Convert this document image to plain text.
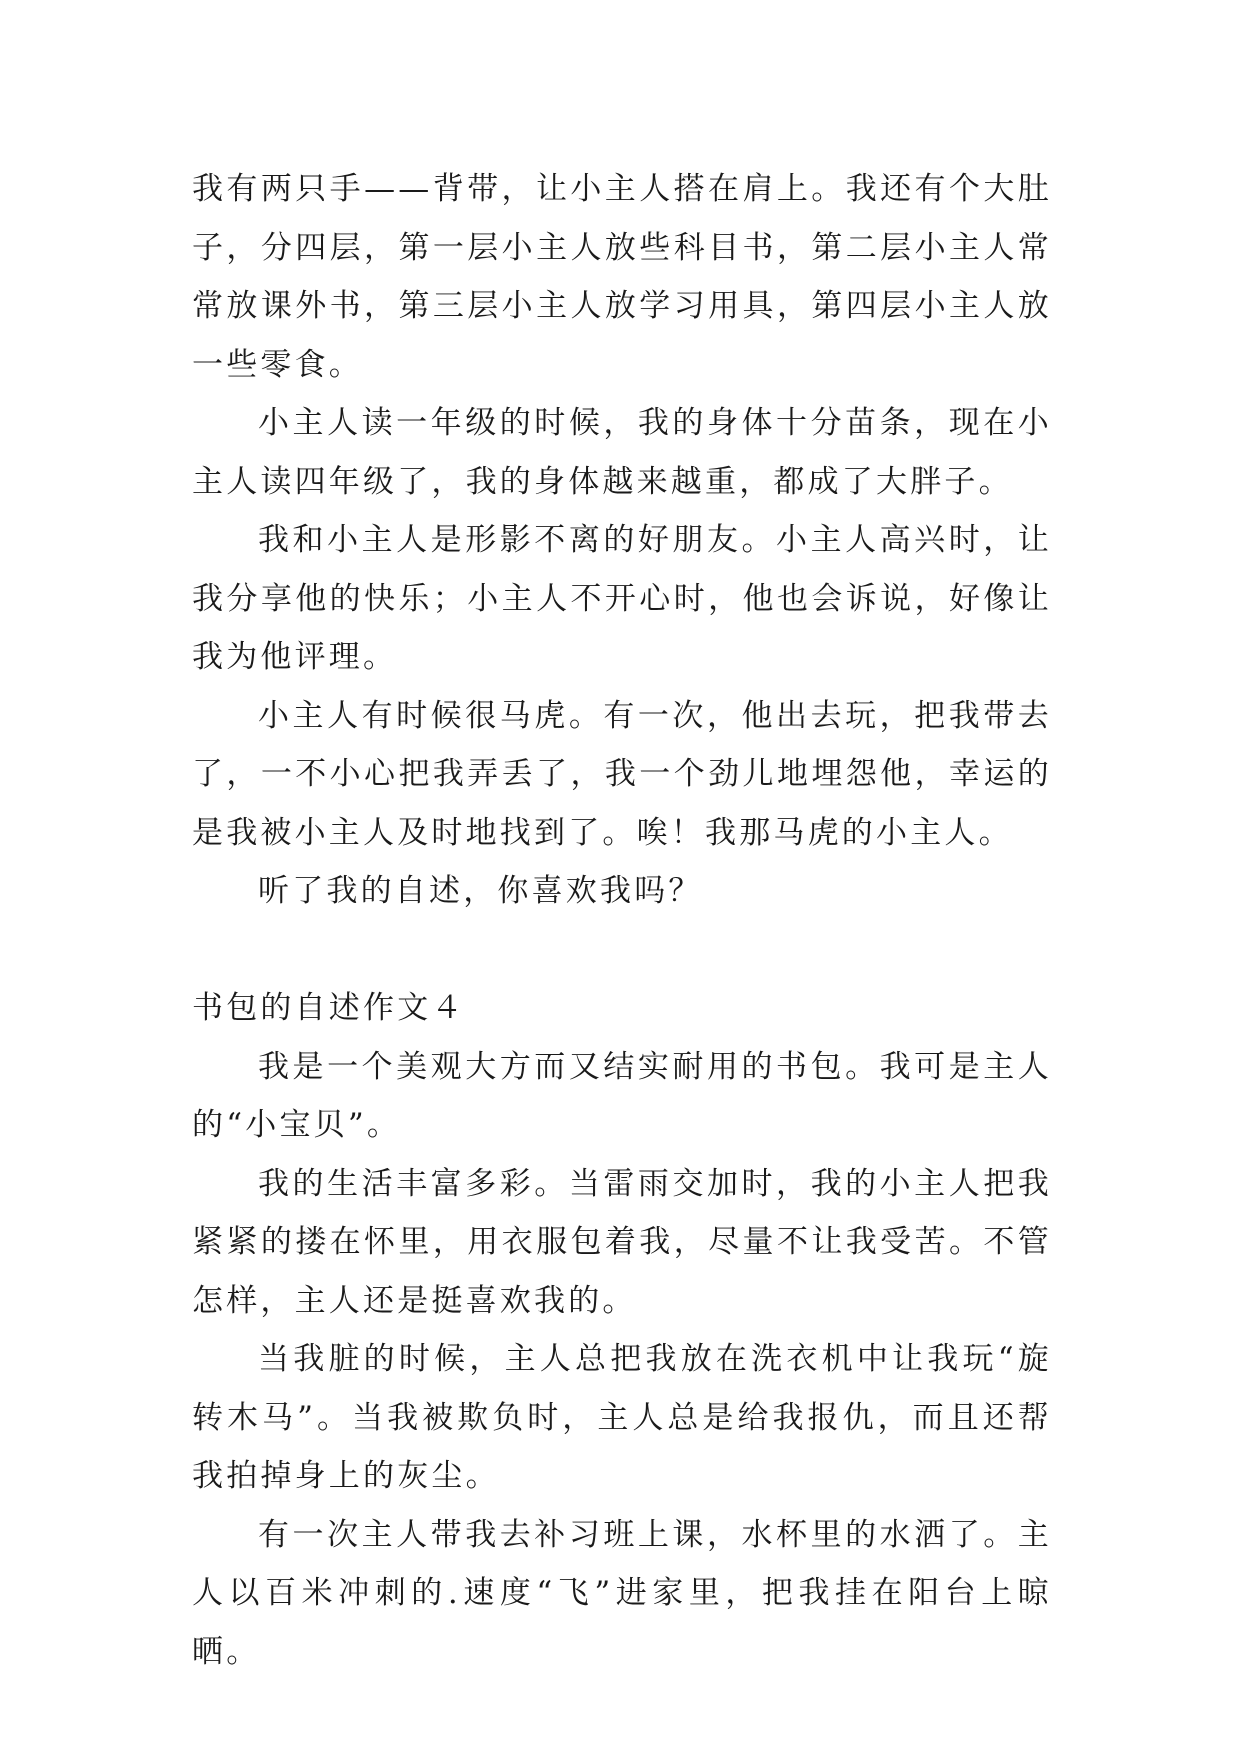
我有两只手——背带，让小主人搭在肩上。我还有个大肚子，分四层，第一层小主人放些科目书，第二层小主人常常放课外书，第三层小主人放学习用具，第四层小主人放一些零食。

小主人读一年级的时候，我的身体十分苗条，现在小主人读四年级了，我的身体越来越重，都成了大胖子。

我和小主人是形影不离的好朋友。小主人高兴时，让我分享他的快乐；小主人不开心时，他也会诉说，好像让我为他评理。

小主人有时候很马虎。有一次，他出去玩，把我带去了，一不小心把我弄丢了，我一个劲儿地埋怨他，幸运的是我被小主人及时地找到了。唉！我那马虎的小主人。

听了我的自述，你喜欢我吗？

书包的自述作文４

我是一个美观大方而又结实耐用的书包。我可是主人的“小宝贝”。

我的生活丰富多彩。当雷雨交加时，我的小主人把我紧紧的搂在怀里，用衣服包着我，尽量不让我受苦。不管怎样，主人还是挺喜欢我的。

当我脏的时候，主人总把我放在洗衣机中让我玩“旋转木马”。当我被欺负时，主人总是给我报仇，而且还帮我拍掉身上的灰尘。

有一次主人带我去补习班上课，水杯里的水洒了。主人以百米冲刺的.速度“飞”进家里，把我挂在阳台上晾晒。
